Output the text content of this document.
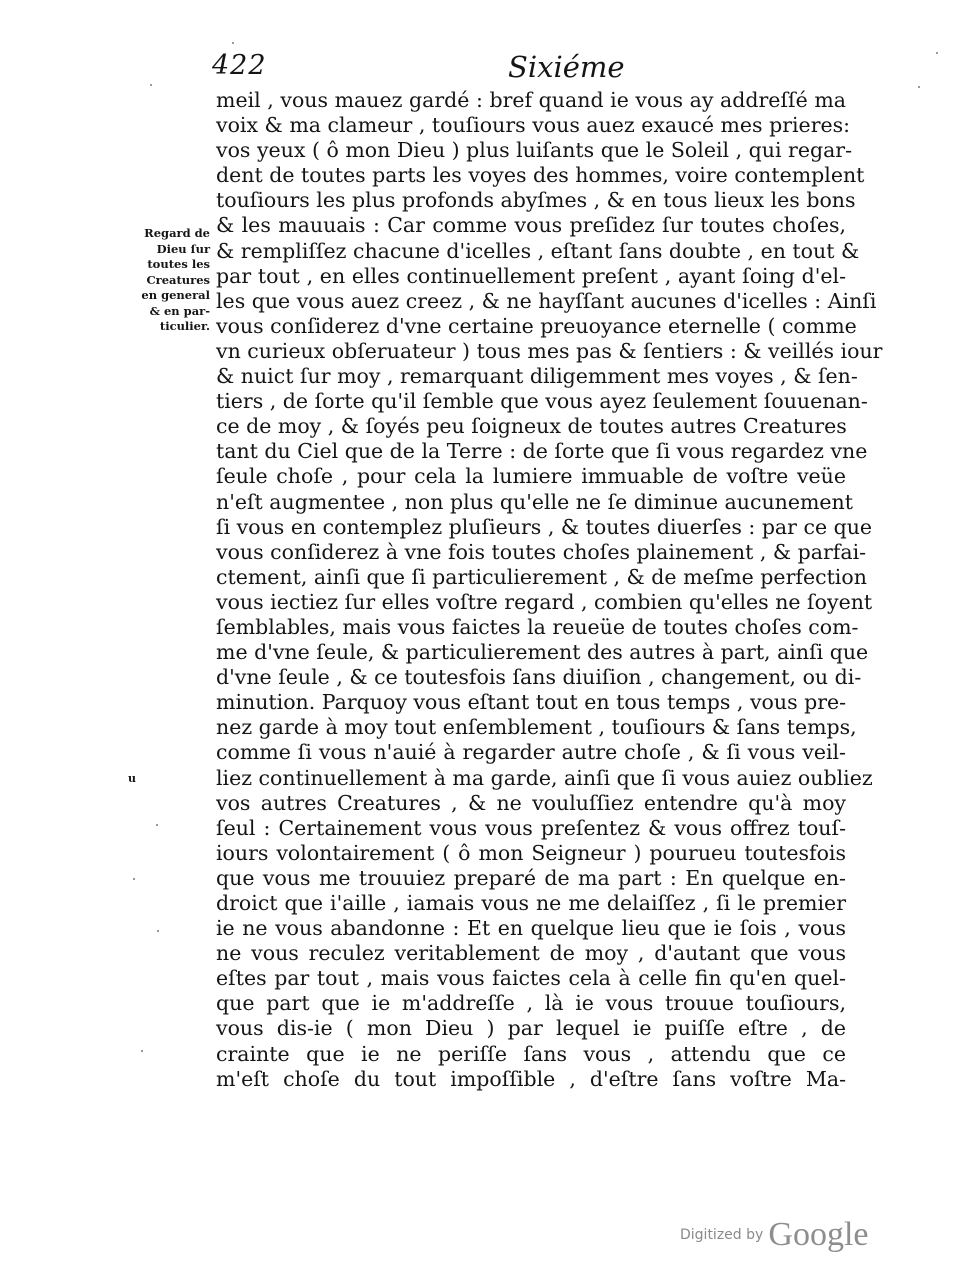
422	Sixiéme
Regard de
Dieu ſur
toutes les
Creatures
en general
& en par-
ticulier.
u
meil , vous mauez gardé : bref quand ie vous ay addreſſé ma
voix & ma clameur , touſiours vous auez exaucé mes prieres:
vos yeux ( ô mon Dieu ) plus luiſants que le Soleil , qui regar-
dent de toutes parts les voyes des hommes, voire contemplent
touſiours les plus profonds abyſmes , & en tous lieux les bons
& les mauuais : Car comme vous preſidez ſur toutes choſes,
& rempliſſez chacune d'icelles , eſtant ſans doubte , en tout &
par tout , en elles continuellement preſent , ayant ſoing d'el-
les que vous auez creez , & ne hayſſant aucunes d'icelles : Ainſi
vous conſiderez d'vne certaine preuoyance eternelle ( comme
vn curieux obſeruateur ) tous mes pas & ſentiers : & veillés iour
& nuict ſur moy , remarquant diligemment mes voyes , & ſen-
tiers , de ſorte qu'il ſemble que vous ayez ſeulement ſouuenan-
ce de moy , & ſoyés peu ſoigneux de toutes autres Creatures
tant du Ciel que de la Terre : de ſorte que ſi vous regardez vne
ſeule choſe , pour cela la lumiere immuable de voſtre veüe
n'eſt augmentee , non plus qu'elle ne ſe diminue aucunement
ſi vous en contemplez pluſieurs , & toutes diuerſes : par ce que
vous conſiderez à vne fois toutes choſes plainement , & parfai-
ctement, ainſi que ſi particulierement , & de meſme perfection
vous iectiez ſur elles voſtre regard , combien qu'elles ne ſoyent
ſemblables, mais vous faictes la reueüe de toutes choſes com-
me d'vne ſeule, & particulierement des autres à part, ainſi que
d'vne ſeule , & ce toutesfois ſans diuiſion , changement, ou di-
minution. Parquoy vous eſtant tout en tous temps , vous pre-
nez garde à moy tout enſemblement , touſiours & ſans temps,
comme ſi vous n'auié à regarder autre choſe , & ſi vous veil-
liez continuellement à ma garde, ainſi que ſi vous auiez oubliez
vos autres Creatures , & ne vouluſſiez entendre qu'à moy
ſeul : Certainement vous vous preſentez & vous offrez touſ-
iours volontairement ( ô mon Seigneur ) pourueu toutesfois
que vous me trouuiez preparé de ma part : En quelque en-
droict que i'aille , iamais vous ne me delaiſſez , ſi le premier
ie ne vous abandonne : Et en quelque lieu que ie ſois , vous
ne vous reculez veritablement de moy , d'autant que vous
eſtes par tout , mais vous faictes cela à celle fin qu'en quel-
que part que ie m'addreſſe , là ie vous trouue touſiours,
vous dis-ie ( mon Dieu ) par lequel ie puiſſe eſtre , de
crainte que ie ne periſſe ſans vous , attendu que ce
m'eſt choſe du tout impoſſible , d'eſtre ſans voſtre Ma-
Digitized by Google
